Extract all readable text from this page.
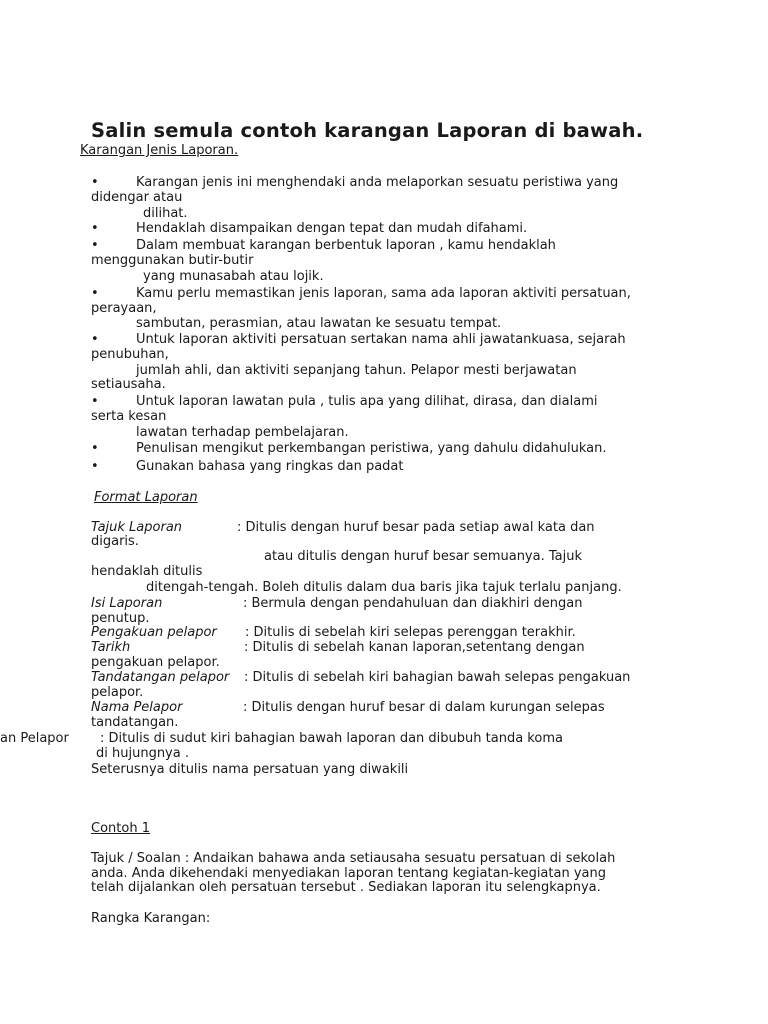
Salin semula contoh karangan Laporan di bawah.
Karangan Jenis Laporan.
•	Karangan jenis ini menghendaki anda melaporkan sesuatu peristiwa yang
didengar atau
dilihat.
•	Hendaklah disampaikan dengan tepat dan mudah difahami.
•	Dalam membuat karangan berbentuk laporan , kamu hendaklah
menggunakan butir-butir
yang munasabah atau lojik.
•	Kamu perlu memastikan jenis laporan, sama ada laporan aktiviti persatuan,
perayaan,
sambutan, perasmian, atau lawatan ke sesuatu tempat.
•	Untuk laporan aktiviti persatuan sertakan nama ahli jawatankuasa, sejarah
penubuhan,
jumlah ahli, dan aktiviti sepanjang tahun. Pelapor mesti berjawatan
setiausaha.
•	Untuk laporan lawatan pula , tulis apa yang dilihat, dirasa, dan dialami
serta kesan
lawatan terhadap pembelajaran.
•	Penulisan mengikut perkembangan peristiwa, yang dahulu didahulukan.
•	Gunakan bahasa yang ringkas dan padat
Format Laporan
Tajuk Laporan	: Ditulis dengan huruf besar pada setiap awal kata dan
digaris.
atau ditulis dengan huruf besar semuanya. Tajuk
hendaklah ditulis
ditengah-tengah. Boleh ditulis dalam dua baris jika tajuk terlalu panjang.
Isi Laporan	: Bermula dengan pendahuluan dan diakhiri dengan
penutup.
Pengakuan pelapor : Ditulis di sebelah kiri selepas perenggan terakhir.
Tarikh	: Ditulis di sebelah kanan laporan,setentang dengan
pengakuan pelapor.
Tandatangan pelapor : Ditulis di sebelah kiri bahagian bawah selepas pengakuan
pelapor.
Nama Pelapor	: Ditulis dengan huruf besar di dalam kurungan selepas
tandatangan.
an Pelapor : Ditulis di sudut kiri bahagian bawah laporan dan dibubuh tanda koma
di hujungnya .
Seterusnya ditulis nama persatuan yang diwakili
Contoh 1
Tajuk / Soalan : Andaikan bahawa anda setiausaha sesuatu persatuan di sekolah
anda. Anda dikehendaki menyediakan laporan tentang kegiatan-kegiatan yang
telah dijalankan oleh persatuan tersebut . Sediakan laporan itu selengkapnya.
Rangka Karangan:
